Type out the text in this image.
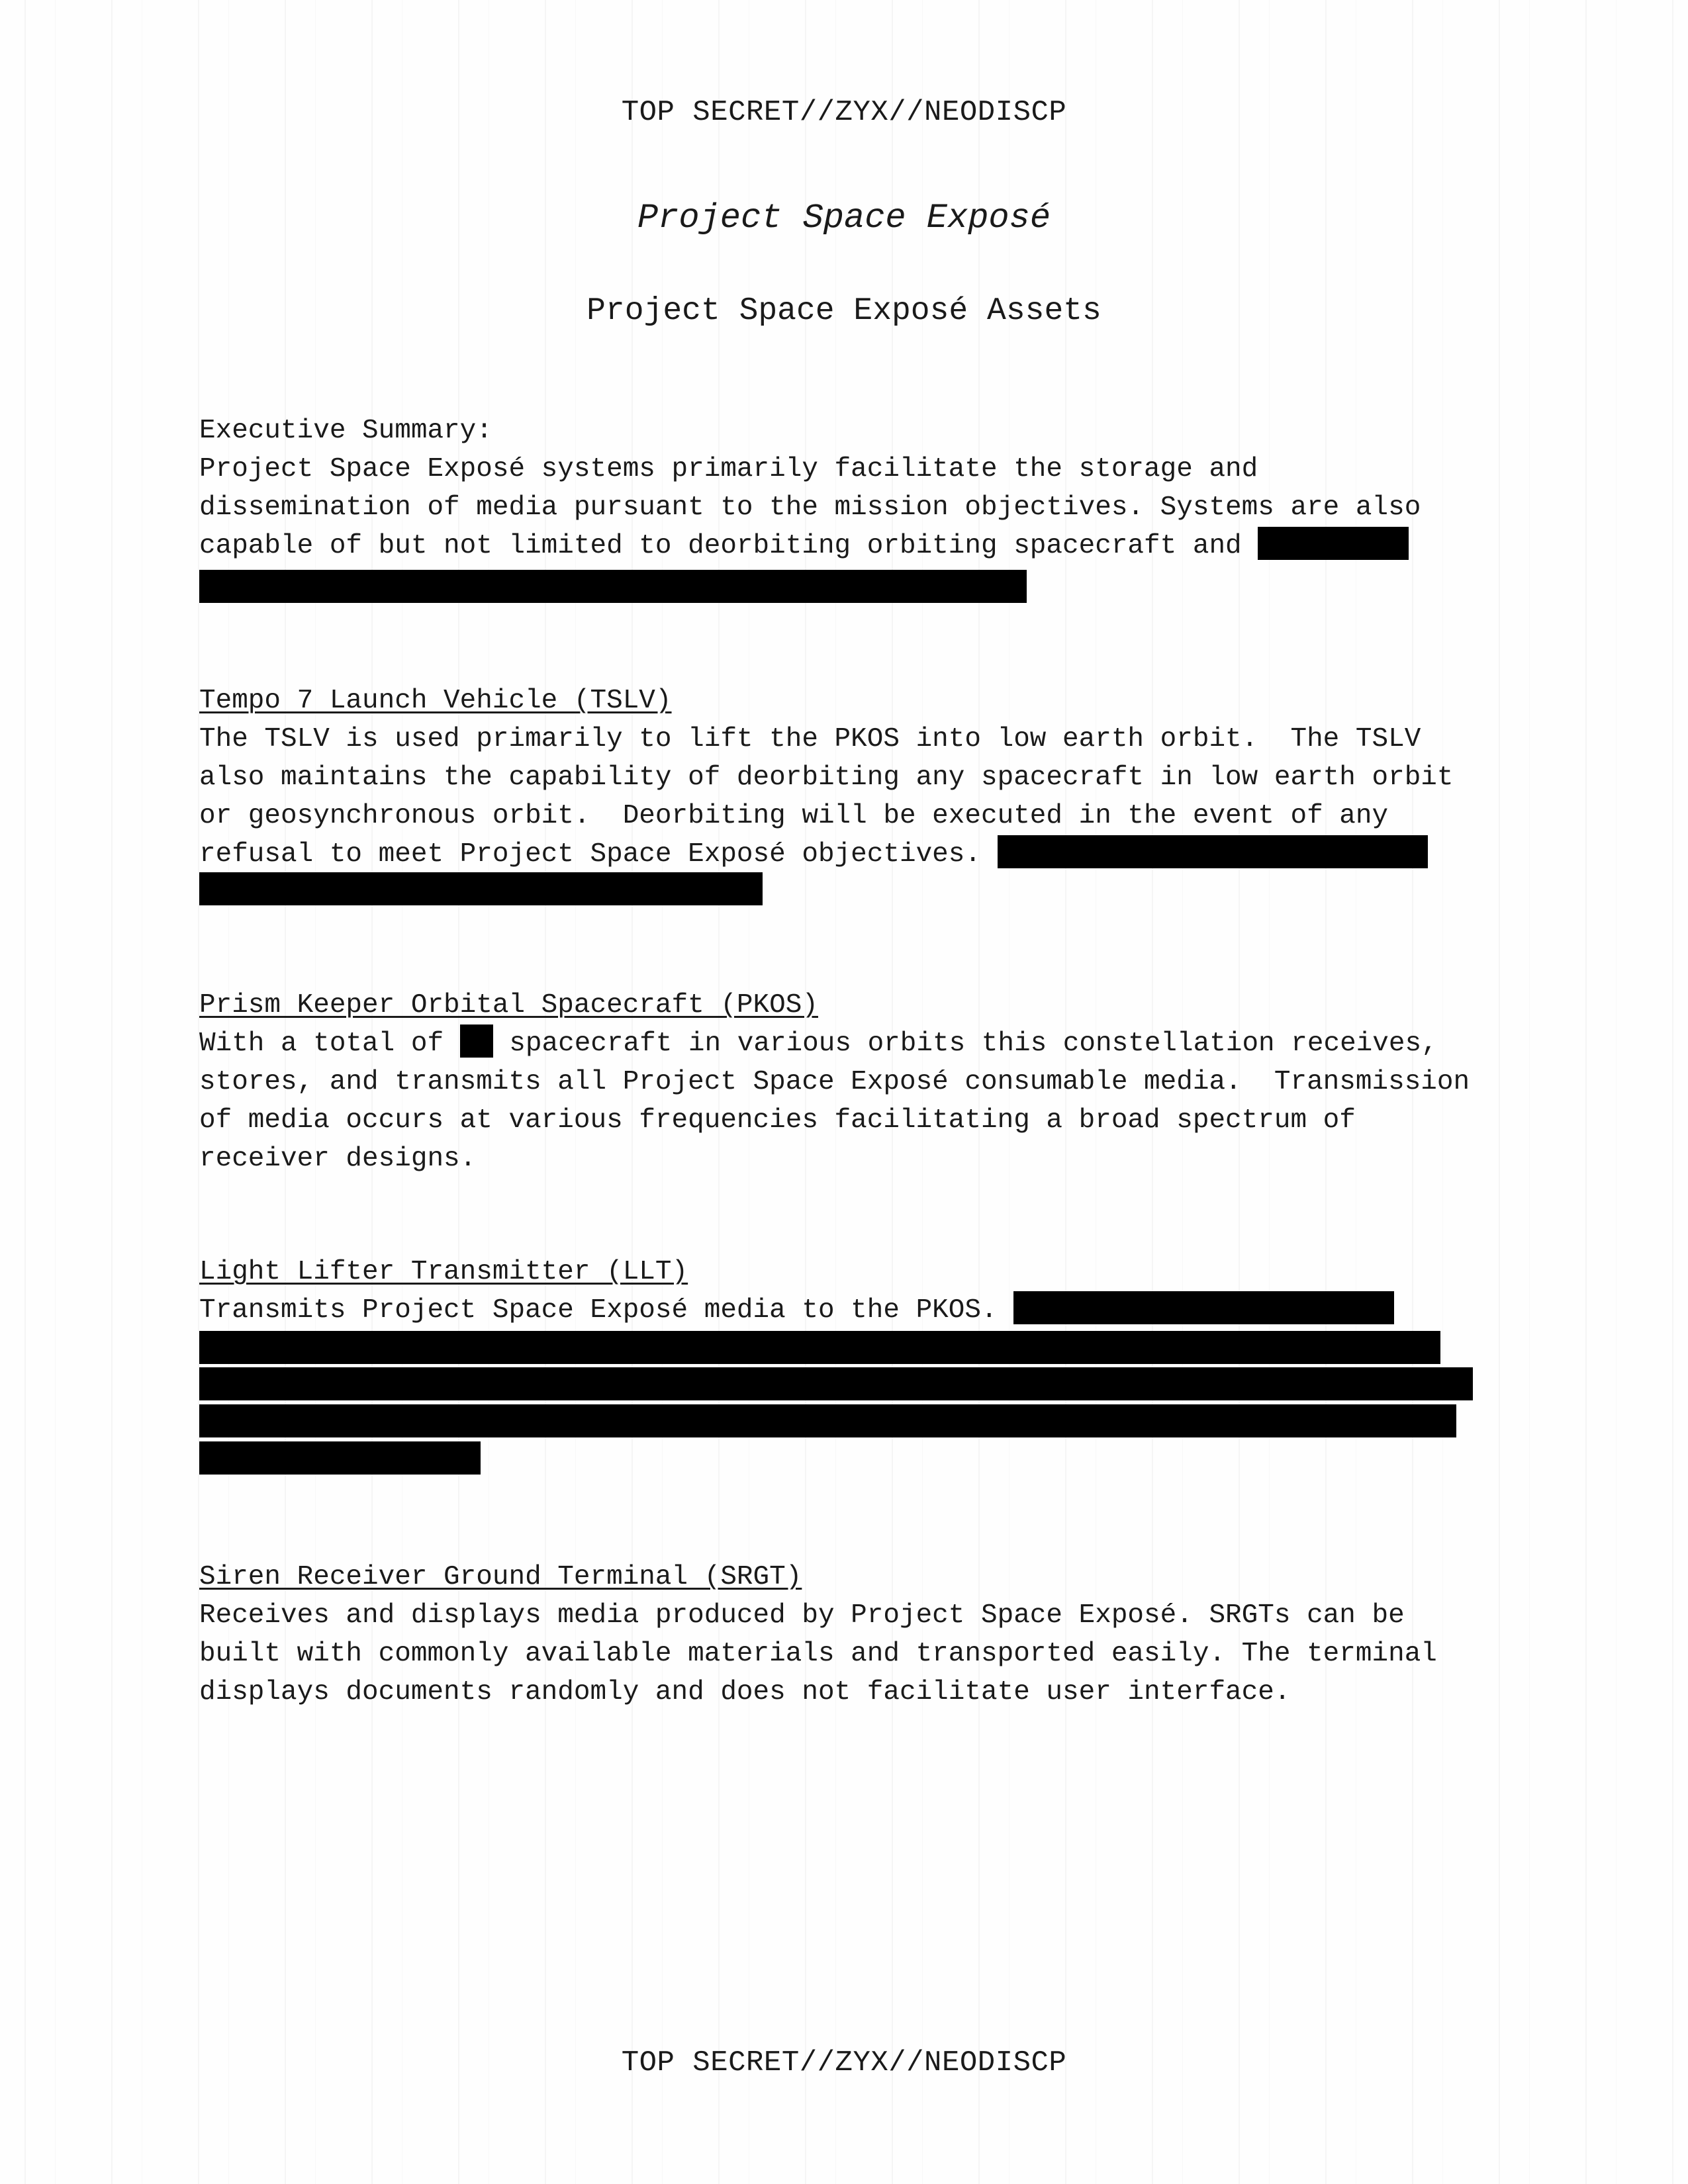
TOP SECRET//ZYX//NEODISCP
Project Space Exposé
Project Space Exposé Assets
Executive Summary:
Project Space Exposé systems primarily facilitate the storage and
dissemination of media pursuant to the mission objectives. Systems are also
capable of but not limited to deorbiting orbiting spacecraft and
Tempo 7 Launch Vehicle (TSLV)
The TSLV is used primarily to lift the PKOS into low earth orbit.  The TSLV
also maintains the capability of deorbiting any spacecraft in low earth orbit
or geosynchronous orbit.  Deorbiting will be executed in the event of any
refusal to meet Project Space Exposé objectives.
Prism Keeper Orbital Spacecraft (PKOS)
With a total of  spacecraft in various orbits this constellation receives,
stores, and transmits all Project Space Exposé consumable media.  Transmission
of media occurs at various frequencies facilitating a broad spectrum of
receiver designs.
Light Lifter Transmitter (LLT)
Transmits Project Space Exposé media to the PKOS.
Siren Receiver Ground Terminal (SRGT)
Receives and displays media produced by Project Space Exposé. SRGTs can be
built with commonly available materials and transported easily. The terminal
displays documents randomly and does not facilitate user interface.
TOP SECRET//ZYX//NEODISCP
